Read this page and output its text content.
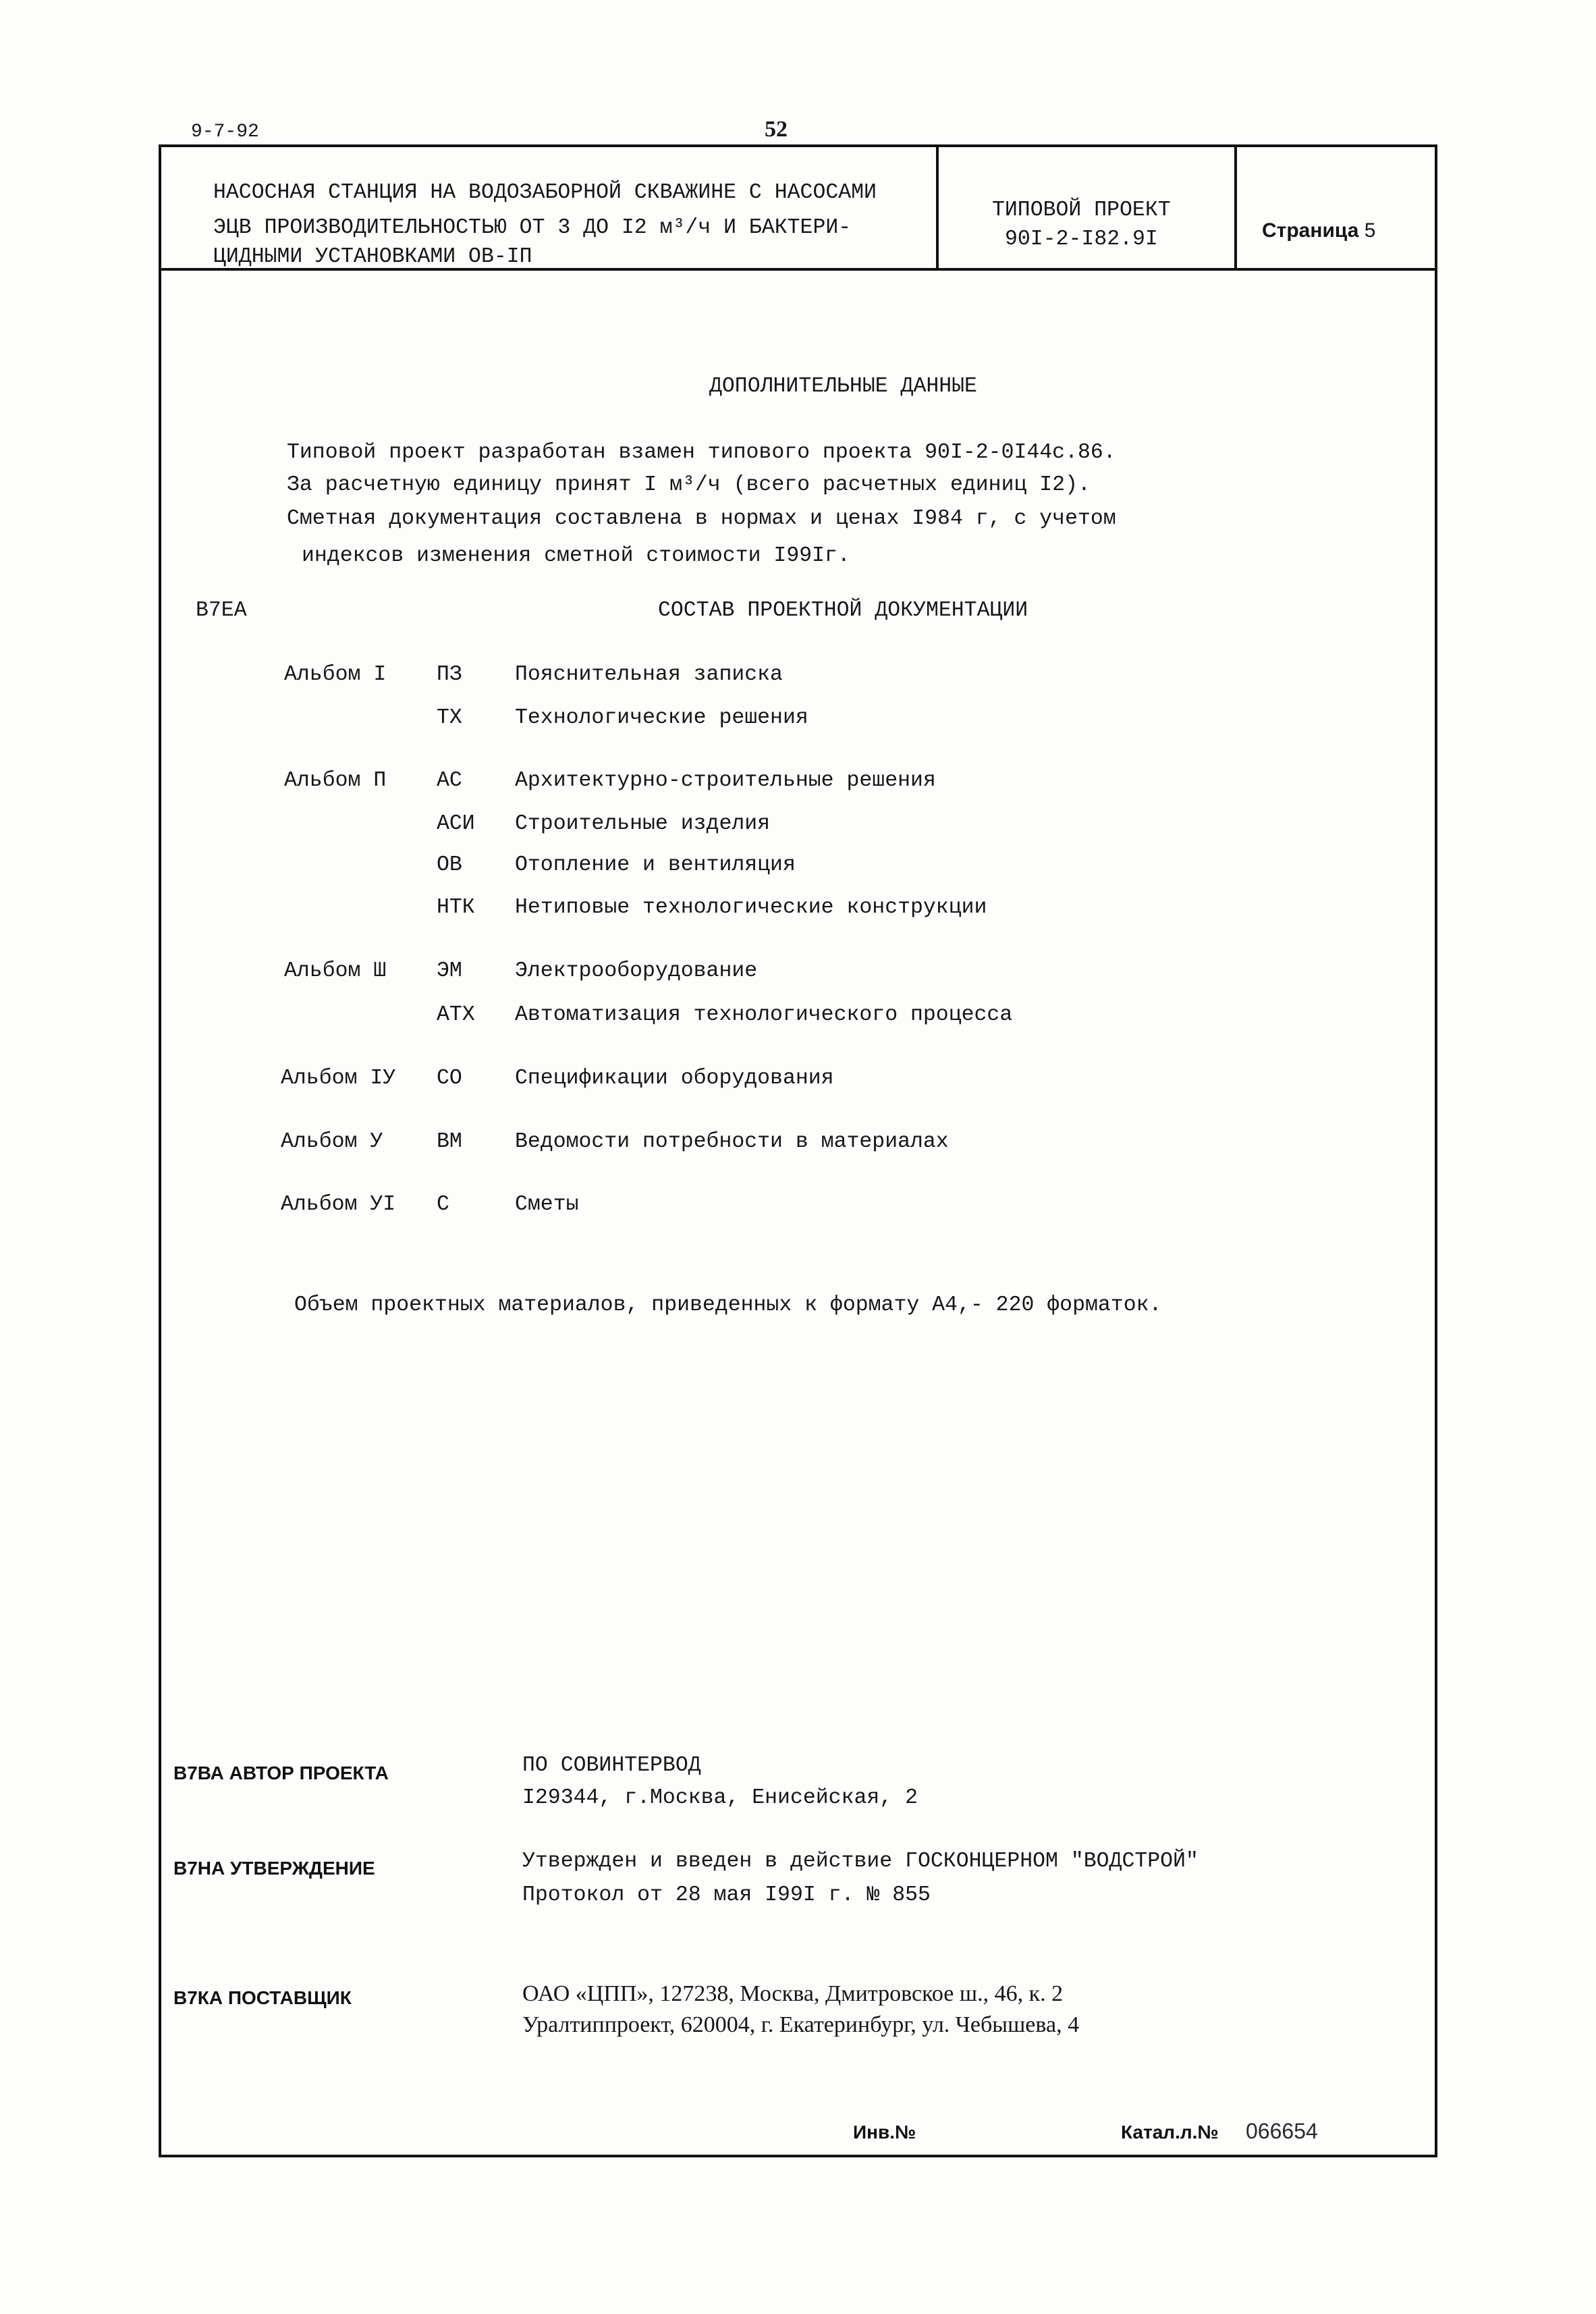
9-7-92	52
НАСОСНАЯ СТАНЦИЯ НА ВОДОЗАБОРНОЙ СКВАЖИНЕ С НАСОСАМИ
ЭЦВ ПРОИЗВОДИТЕЛЬНОСТЬЮ ОТ 3 ДО I2 м³/ч И БАКТЕРИ-
ЦИДНЫМИ УСТАНОВКАМИ ОВ-IП
ТИПОВОЙ ПРОЕКТ
90I-2-I82.9I	Страница 5
ДОПОЛНИТЕЛЬНЫЕ ДАННЫЕ
Типовой проект разработан взамен типового проекта 90I-2-0I44с.86.
За расчетную единицу принят I м³/ч (всего расчетных единиц I2).
Сметная документация составлена в нормах и ценах I984 г, с учетом
индексов изменения сметной стоимости I99Iг.
В7ЕА	СОСТАВ ПРОЕКТНОЙ ДОКУМЕНТАЦИИ
Альбом I ПЗ Пояснительная записка
ТХ Технологические решения
Альбом П АС Архитектурно-строительные решения
АСИ Строительные изделия
ОВ Отопление и вентиляция
НТК Нетиповые технологические конструкции
Альбом Ш ЭМ Электрооборудование
АТХ Автоматизация технологического процесса
Альбом IУ СО Спецификации оборудования
Альбом У	ВМ Ведомости потребности в материалах
Альбом УI С	Сметы
Объем проектных материалов, приведенных к формату А4,- 220 форматок.
В7ВА АВТОР ПРОЕКТА	ПО СОВИНТЕРВОД
I29344, г.Москва, Енисейская, 2
В7НА УТВЕРЖДЕНИЕ	Утвержден и введен в действие ГОСКОНЦЕРНОМ "ВОДСТРОЙ"
Протокол от 28 мая I99I г. № 855
В7КА ПОСТАВЩИК	ОАО «ЦПП», 127238, Москва, Дмитровское ш., 46, к. 2
Уралтиппроект, 620004, г. Екатеринбург, ул. Чебышева, 4
Инв.№	Катал.л.№ 066654
